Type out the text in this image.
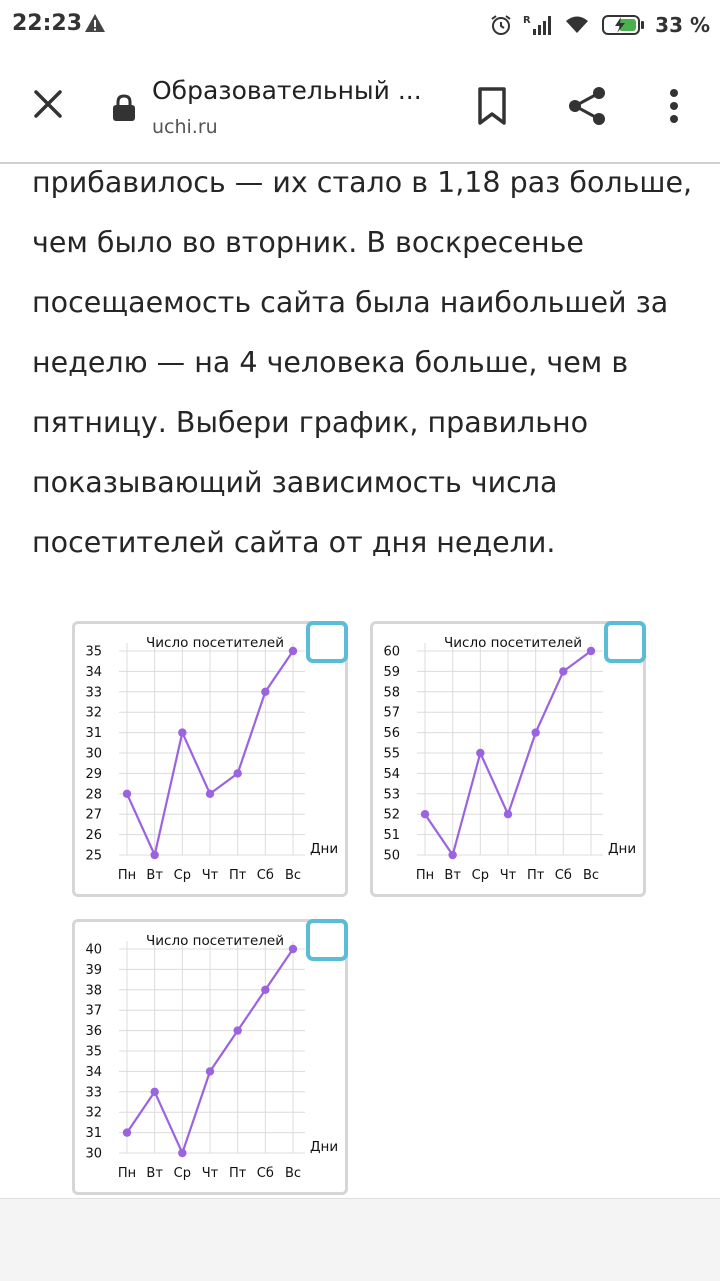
22:23	R	33 %
Образовательный ...
uchi.ru
прибавилось — их стало в 1,18 раз больше,
чем было во вторник. В воскресенье
посещаемость сайта была наибольшей за
неделю — на 4 человека больше, чем в
пятницу. Выбери график, правильно
показывающий зависимость числа
посетителей сайта от дня недели.
25
26
27
28
29
30
31
32
33
34
35
Пн Вт Ср Чт Пт Сб Вс
Число посетителей
Дни	50
51
52
53
54
55
56
57
58
59
60
Пн Вт Ср Чт Пт Сб Вс
Число посетителей
Дни
30
31
32
33
34
35
36
37
38
39
40
Пн Вт Ср Чт Пт Сб Вс
Число посетителей
Дни
